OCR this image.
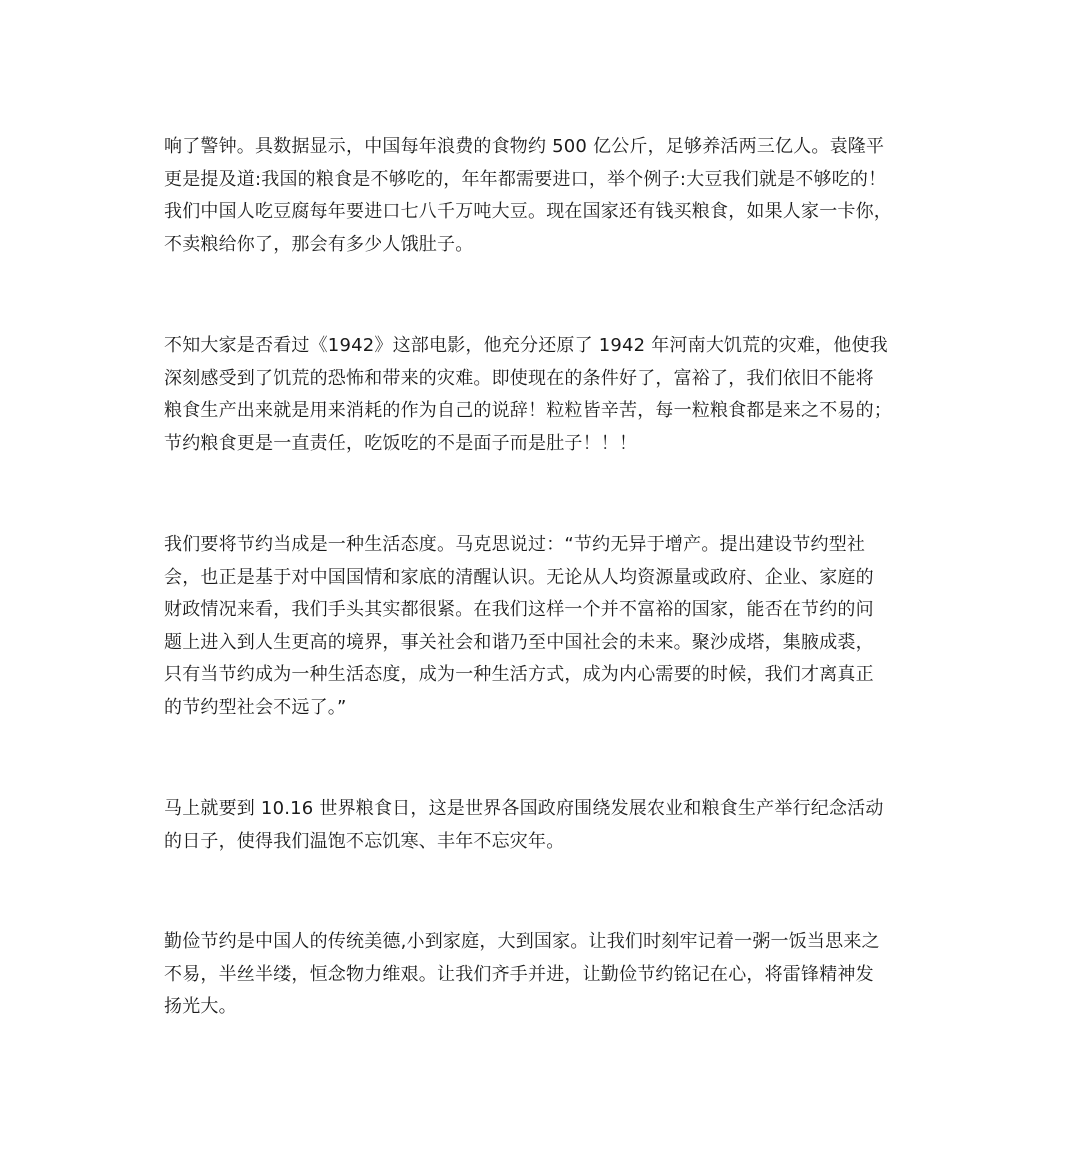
响了警钟。具数据显示，中国每年浪费的食物约 500 亿公斤，足够养活两三亿人。袁隆平
更是提及道:我国的粮食是不够吃的，年年都需要进口，举个例子:大豆我们就是不够吃的！
我们中国人吃豆腐每年要进口七八千万吨大豆。现在国家还有钱买粮食，如果人家一卡你，
不卖粮给你了，那会有多少人饿肚子。

不知大家是否看过《1942》这部电影，他充分还原了 1942 年河南大饥荒的灾难，他使我
深刻感受到了饥荒的恐怖和带来的灾难。即使现在的条件好了，富裕了，我们依旧不能将
粮食生产出来就是用来消耗的作为自己的说辞！粒粒皆辛苦，每一粒粮食都是来之不易的；
节约粮食更是一直责任，吃饭吃的不是面子而是肚子！！！

我们要将节约当成是一种生活态度。马克思说过：“节约无异于增产。提出建设节约型社
会，也正是基于对中国国情和家底的清醒认识。无论从人均资源量或政府、企业、家庭的
财政情况来看，我们手头其实都很紧。在我们这样一个并不富裕的国家，能否在节约的问
题上进入到人生更高的境界，事关社会和谐乃至中国社会的未来。聚沙成塔，集腋成裘，
只有当节约成为一种生活态度，成为一种生活方式，成为内心需要的时候，我们才离真正
的节约型社会不远了。”

马上就要到 10.16 世界粮食日，这是世界各国政府围绕发展农业和粮食生产举行纪念活动
的日子，使得我们温饱不忘饥寒、丰年不忘灾年。

勤俭节约是中国人的传统美德,小到家庭，大到国家。让我们时刻牢记着一粥一饭当思来之
不易，半丝半缕，恒念物力维艰。让我们齐手并进，让勤俭节约铭记在心，将雷锋精神发
扬光大。
